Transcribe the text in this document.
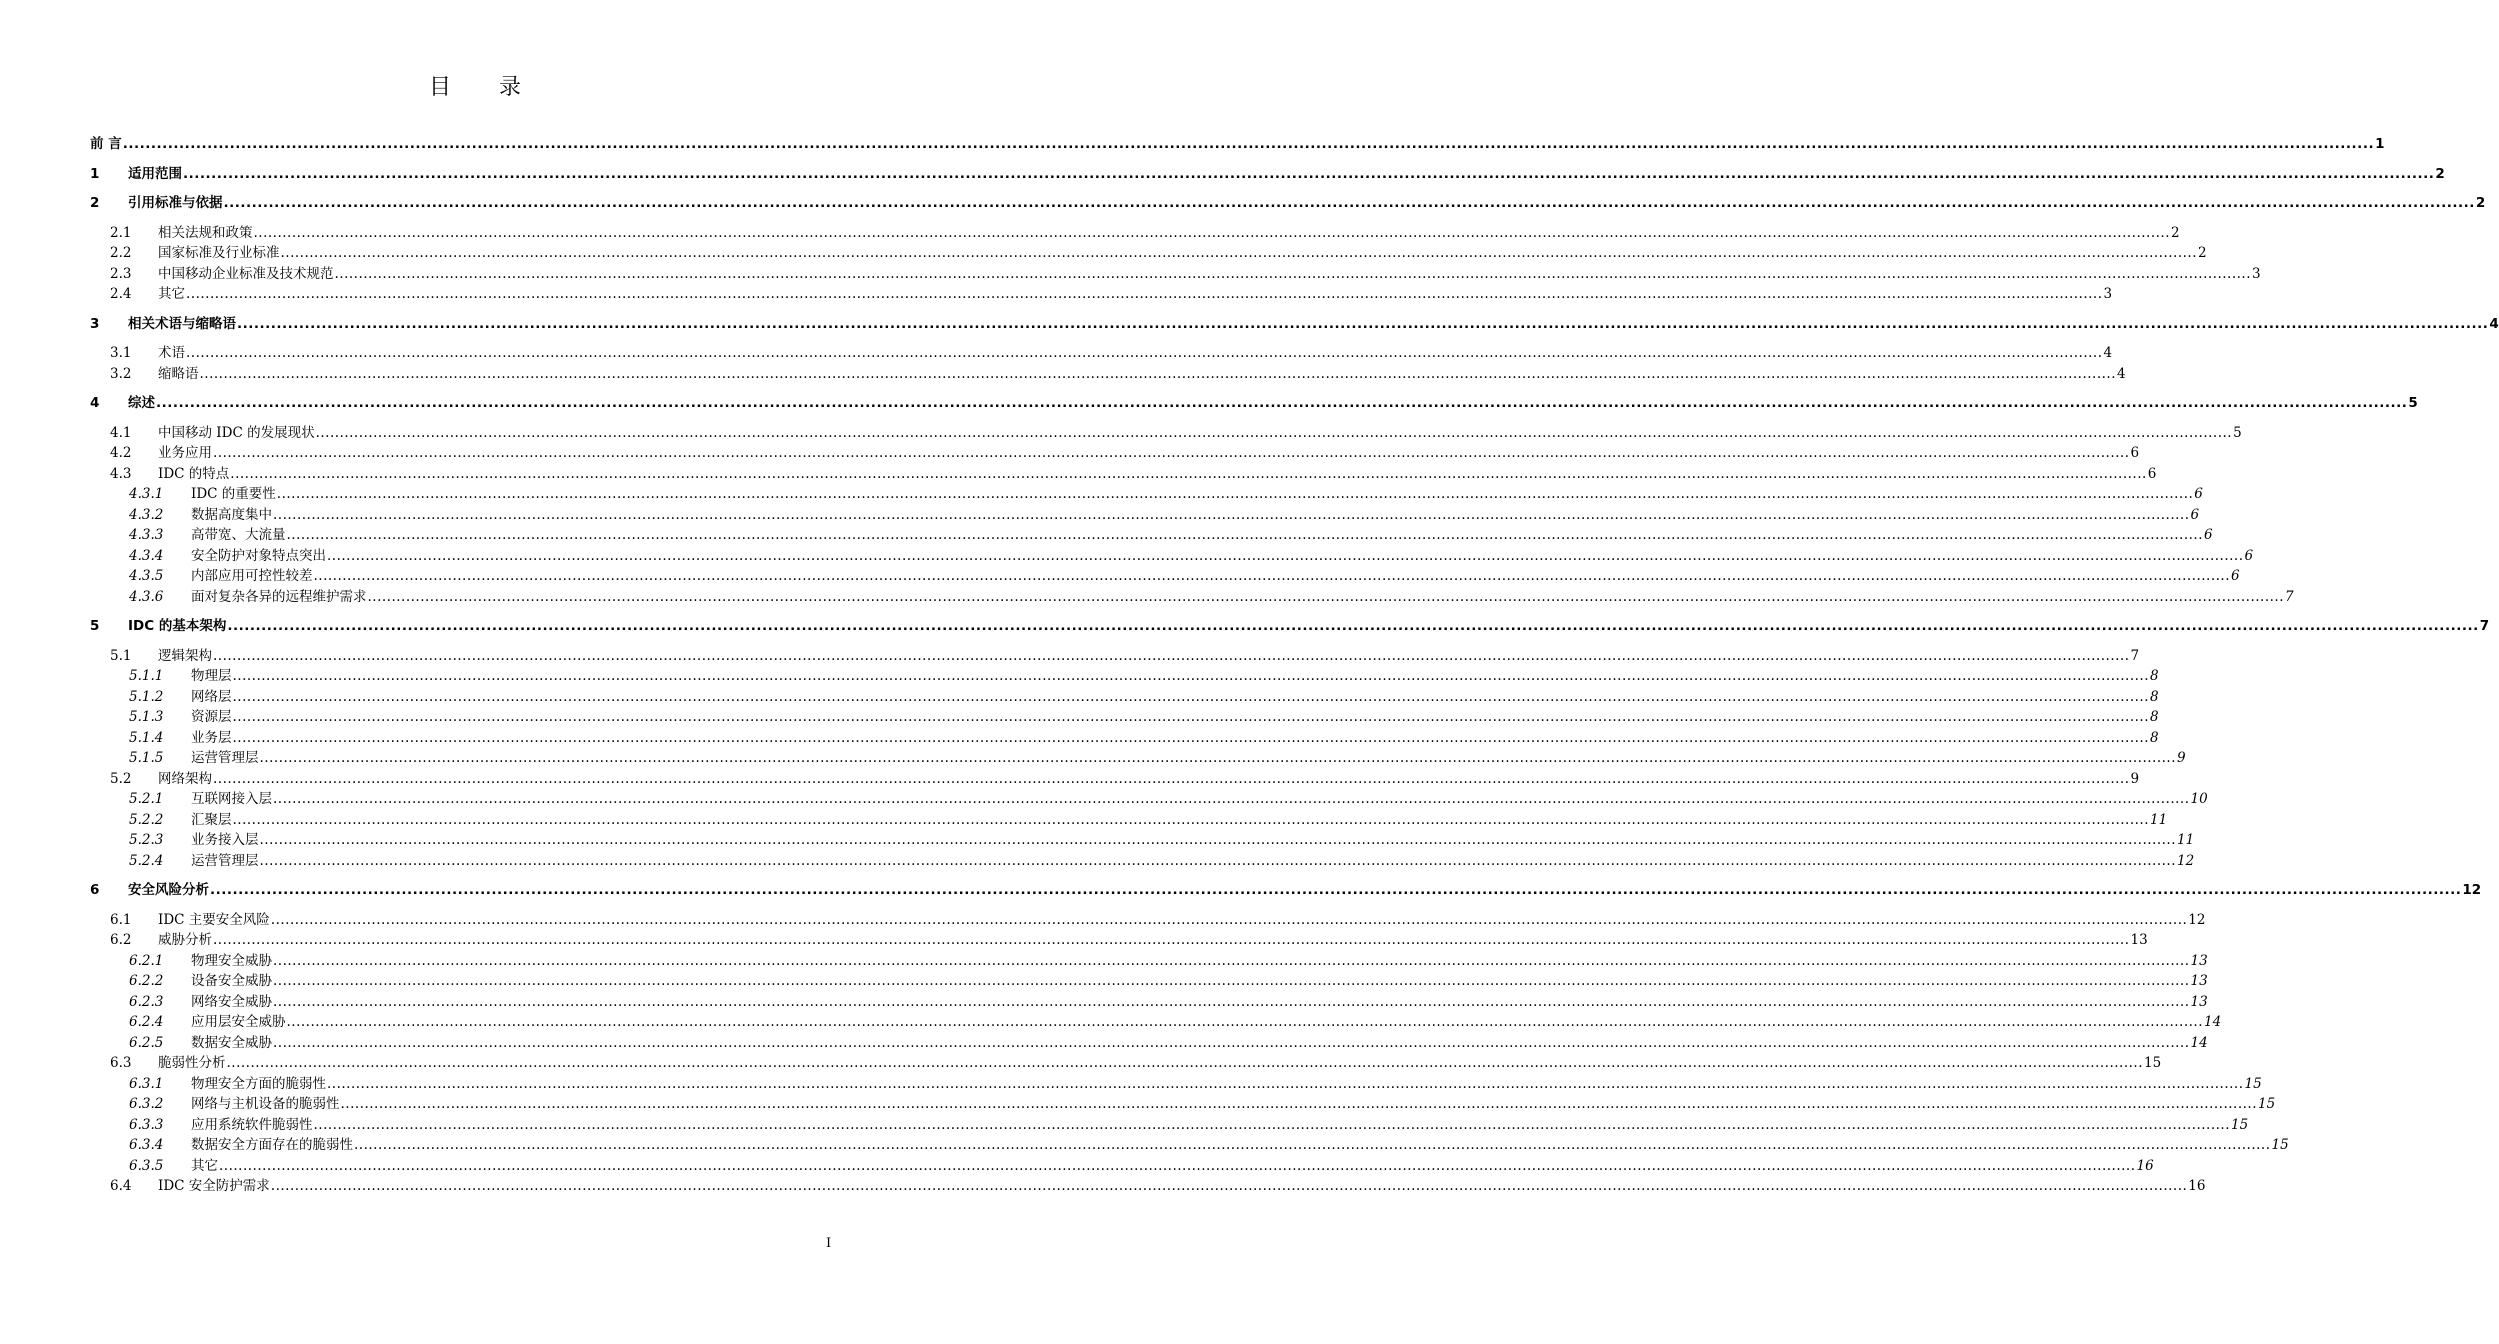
目 录
前 言 ................................................................................................................................................................................................................................................................................................................................................................................................................ 1
1	适用范围 ................................................................................................................................................................................................................................................................................................................................................................................................................ 2
2	引用标准与依据 ................................................................................................................................................................................................................................................................................................................................................................................................................ 2
2.1	相关法规和政策 ................................................................................................................................................................................................................................................................................................................................................................................................................ 2
2.2	国家标准及行业标准 ................................................................................................................................................................................................................................................................................................................................................................................................................ 2
2.3	中国移动企业标准及技术规范 ................................................................................................................................................................................................................................................................................................................................................................................................................ 3
2.4	其它 ................................................................................................................................................................................................................................................................................................................................................................................................................ 3
3	相关术语与缩略语 ................................................................................................................................................................................................................................................................................................................................................................................................................ 4
3.1	术语 ................................................................................................................................................................................................................................................................................................................................................................................................................ 4
3.2	缩略语 ................................................................................................................................................................................................................................................................................................................................................................................................................ 4
4	综述 ................................................................................................................................................................................................................................................................................................................................................................................................................ 5
4.1	中国移动 IDC 的发展现状 ................................................................................................................................................................................................................................................................................................................................................................................................................ 5
4.2	业务应用 ................................................................................................................................................................................................................................................................................................................................................................................................................ 6
4.3	IDC 的特点 ................................................................................................................................................................................................................................................................................................................................................................................................................ 6
4.3.1	IDC 的重要性 ................................................................................................................................................................................................................................................................................................................................................................................................................ 6
4.3.2	数据高度集中 ................................................................................................................................................................................................................................................................................................................................................................................................................ 6
4.3.3	高带宽、大流量 ................................................................................................................................................................................................................................................................................................................................................................................................................ 6
4.3.4	安全防护对象特点突出 ................................................................................................................................................................................................................................................................................................................................................................................................................ 6
4.3.5	内部应用可控性较差 ................................................................................................................................................................................................................................................................................................................................................................................................................ 6
4.3.6	面对复杂各异的远程维护需求 ................................................................................................................................................................................................................................................................................................................................................................................................................ 7
5	IDC 的基本架构 ................................................................................................................................................................................................................................................................................................................................................................................................................ 7
5.1	逻辑架构 ................................................................................................................................................................................................................................................................................................................................................................................................................ 7
5.1.1	物理层 ................................................................................................................................................................................................................................................................................................................................................................................................................ 8
5.1.2	网络层 ................................................................................................................................................................................................................................................................................................................................................................................................................ 8
5.1.3	资源层 ................................................................................................................................................................................................................................................................................................................................................................................................................ 8
5.1.4	业务层 ................................................................................................................................................................................................................................................................................................................................................................................................................ 8
5.1.5	运营管理层 ................................................................................................................................................................................................................................................................................................................................................................................................................ 9
5.2	网络架构 ................................................................................................................................................................................................................................................................................................................................................................................................................ 9
5.2.1	互联网接入层 ................................................................................................................................................................................................................................................................................................................................................................................................................ 10
5.2.2	汇聚层 ................................................................................................................................................................................................................................................................................................................................................................................................................ 11
5.2.3	业务接入层 ................................................................................................................................................................................................................................................................................................................................................................................................................ 11
5.2.4	运营管理层 ................................................................................................................................................................................................................................................................................................................................................................................................................ 12
6	安全风险分析 ................................................................................................................................................................................................................................................................................................................................................................................................................ 12
6.1	IDC 主要安全风险 ................................................................................................................................................................................................................................................................................................................................................................................................................ 12
6.2	威胁分析 ................................................................................................................................................................................................................................................................................................................................................................................................................ 13
6.2.1	物理安全威胁 ................................................................................................................................................................................................................................................................................................................................................................................................................ 13
6.2.2	设备安全威胁 ................................................................................................................................................................................................................................................................................................................................................................................................................ 13
6.2.3	网络安全威胁 ................................................................................................................................................................................................................................................................................................................................................................................................................ 13
6.2.4	应用层安全威胁 ................................................................................................................................................................................................................................................................................................................................................................................................................ 14
6.2.5	数据安全威胁 ................................................................................................................................................................................................................................................................................................................................................................................................................ 14
6.3	脆弱性分析 ................................................................................................................................................................................................................................................................................................................................................................................................................ 15
6.3.1	物理安全方面的脆弱性 ................................................................................................................................................................................................................................................................................................................................................................................................................ 15
6.3.2	网络与主机设备的脆弱性 ................................................................................................................................................................................................................................................................................................................................................................................................................ 15
6.3.3	应用系统软件脆弱性 ................................................................................................................................................................................................................................................................................................................................................................................................................ 15
6.3.4	数据安全方面存在的脆弱性 ................................................................................................................................................................................................................................................................................................................................................................................................................ 15
6.3.5	其它 ................................................................................................................................................................................................................................................................................................................................................................................................................ 16
6.4	IDC 安全防护需求 ................................................................................................................................................................................................................................................................................................................................................................................................................ 16
I
